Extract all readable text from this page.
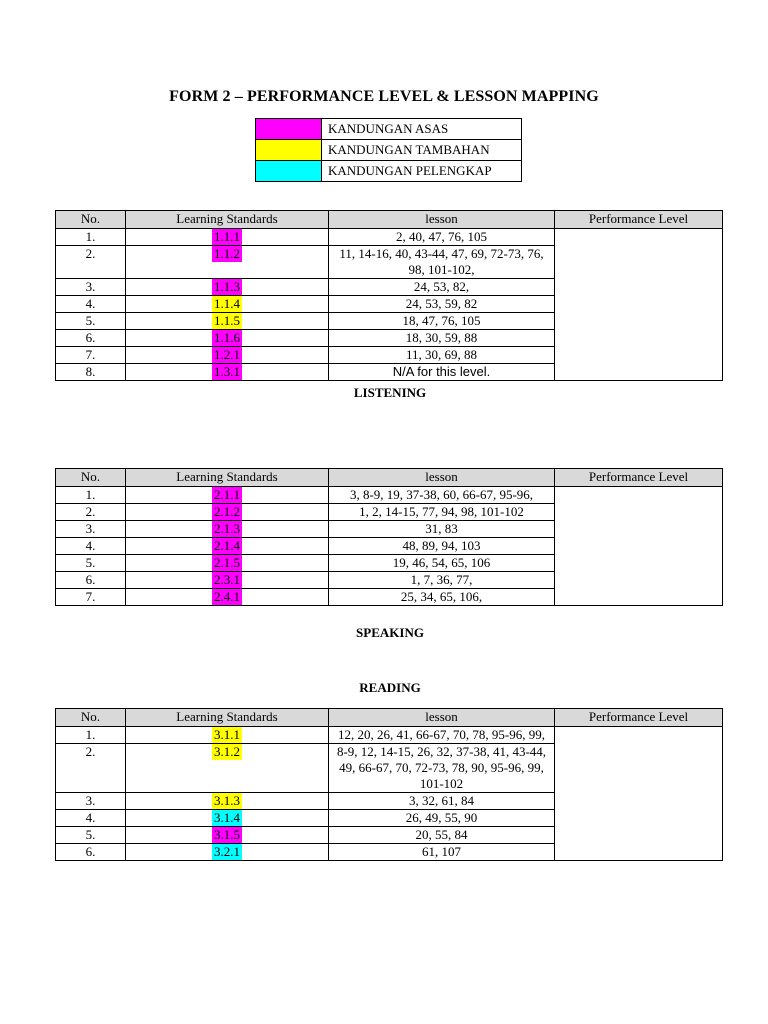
FORM 2 – PERFORMANCE LEVEL & LESSON MAPPING
	KANDUNGAN ASAS
	KANDUNGAN TAMBAHAN
	KANDUNGAN PELENGKAP
No.	Learning Standards	lesson	Performance Level
1.	1.1.1	2, 40, 47, 76, 105	
2.	1.1.2	11, 14-16, 40, 43-44, 47, 69, 72-73, 76, 98, 101-102,	
3.	1.1.3	24, 53, 82,	
4.	1.1.4	24, 53, 59, 82	
5.	1.1.5	18, 47, 76, 105	
6.	1.1.6	18, 30, 59, 88	
7.	1.2.1	11, 30, 69, 88	
8.	1.3.1	N/A for this level.	
LISTENING
No.	Learning Standards	lesson	Performance Level
1.	2.1.1	3, 8-9, 19, 37-38, 60, 66-67, 95-96,	
2.	2.1.2	1, 2, 14-15, 77, 94, 98, 101-102	
3.	2.1.3	31, 83	
4.	2.1.4	48, 89, 94, 103	
5.	2.1.5	19, 46, 54, 65, 106	
6.	2.3.1	1, 7, 36, 77,	
7.	2.4.1	25, 34, 65, 106,	
SPEAKING
READING
No.	Learning Standards	lesson	Performance Level
1.	3.1.1	12, 20, 26, 41, 66-67, 70, 78, 95-96, 99,	
2.	3.1.2	8-9, 12, 14-15, 26, 32, 37-38, 41, 43-44, 49, 66-67, 70, 72-73, 78, 90, 95-96, 99, 101-102	
3.	3.1.3	3, 32, 61, 84	
4.	3.1.4	26, 49, 55, 90	
5.	3.1.5	20, 55, 84	
6.	3.2.1	61, 107	
